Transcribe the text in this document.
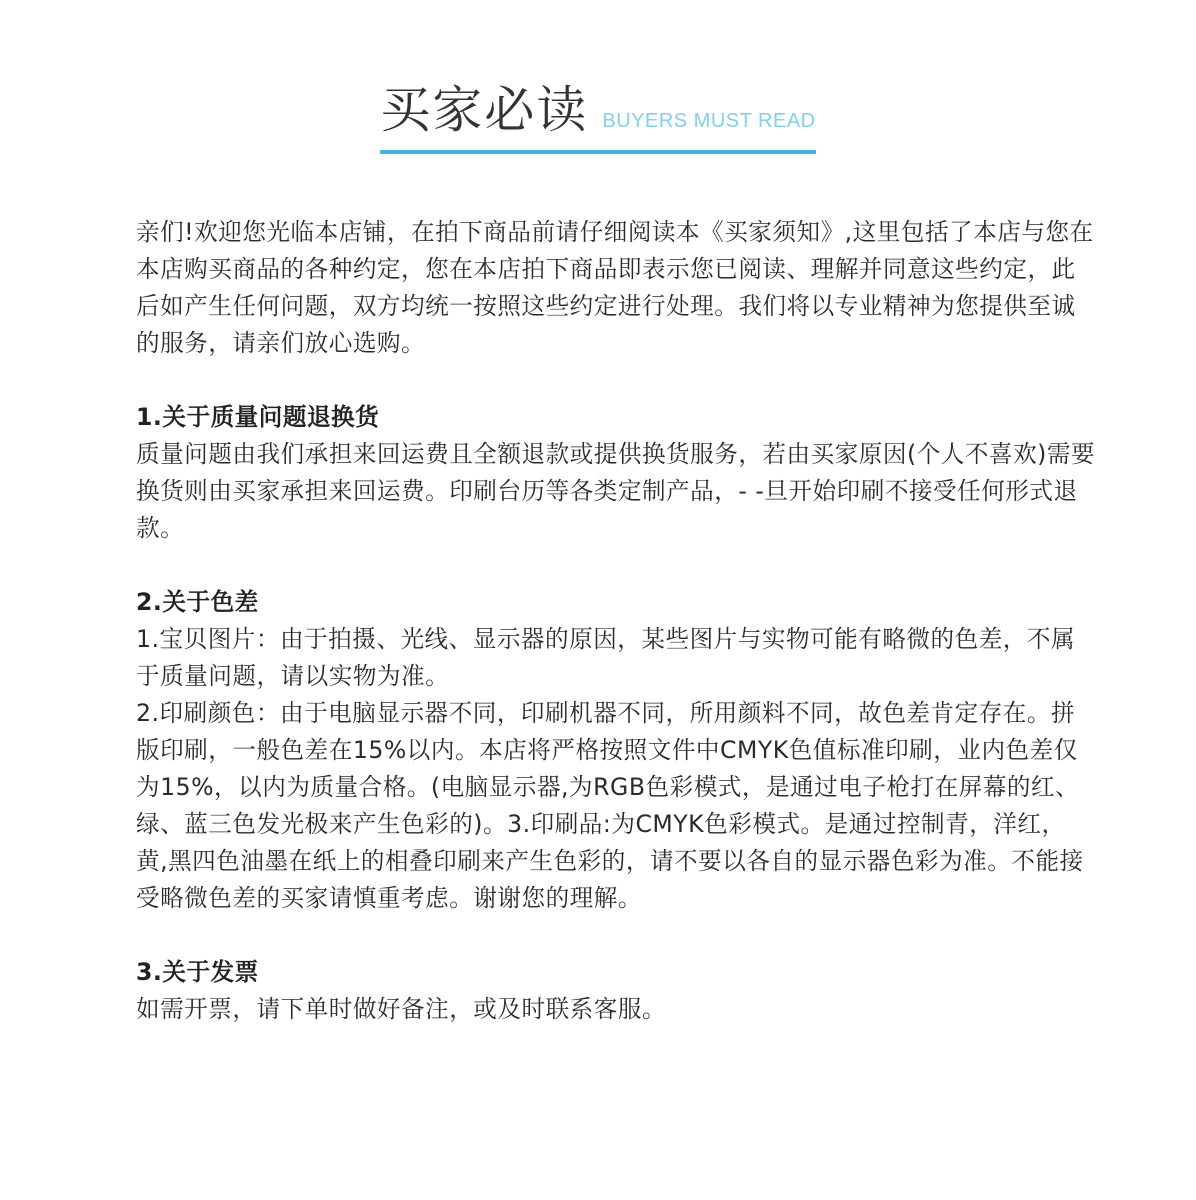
买家必读 BUYERS MUST READ

亲们!欢迎您光临本店铺，在拍下商品前请仔细阅读本《买家须知》,这里包括了本店与您在本店购买商品的各种约定，您在本店拍下商品即表示您已阅读、理解并同意这些约定，此后如产生任何问题，双方均统一按照这些约定进行处理。我们将以专业精神为您提供至诚的服务，请亲们放心选购。

1.关于质量问题退换货

质量问题由我们承担来回运费且全额退款或提供换货服务，若由买家原因(个人不喜欢)需要换货则由买家承担来回运费。印刷台历等各类定制产品，- -旦开始印刷不接受任何形式退款。

2.关于色差

1.宝贝图片：由于拍摄、光线、显示器的原因，某些图片与实物可能有略微的色差，不属于质量问题，请以实物为准。

2.印刷颜色：由于电脑显示器不同，印刷机器不同，所用颜料不同，故色差肯定存在。拼版印刷，一般色差在15%以内。本店将严格按照文件中CMYK色值标准印刷，业内色差仅为15%，以内为质量合格。(电脑显示器,为RGB色彩模式，是通过电子枪打在屏幕的红、绿、蓝三色发光极来产生色彩的)。3.印刷品:为CMYK色彩模式。是通过控制青，洋红，黄,黑四色油墨在纸上的相叠印刷来产生色彩的，请不要以各自的显示器色彩为准。不能接受略微色差的买家请慎重考虑。谢谢您的理解。

3.关于发票

如需开票，请下单时做好备注，或及时联系客服。
